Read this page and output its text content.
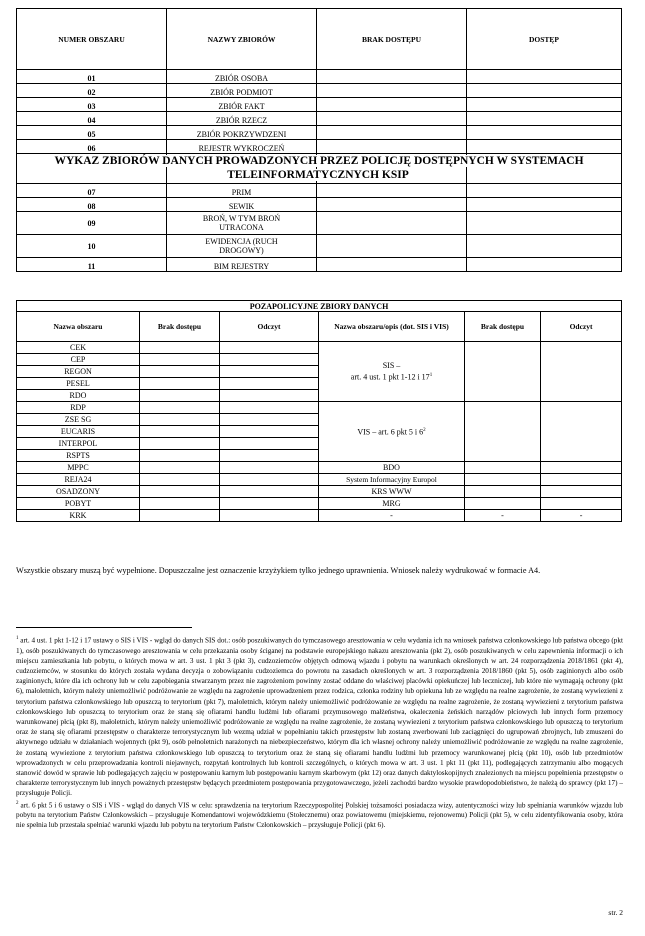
NUMER OBSZARU	NAZWY ZBIORÓW	BRAK DOSTĘPU	DOSTĘP
01	ZBIÓR OSOBA		
02	ZBIÓR PODMIOT		
03	ZBIÓR FAKT		
04	ZBIÓR RZECZ		
05	ZBIÓR POKRZYWDZENI		
06	REJESTR WYKROCZEŃ		

07	PRIM		
08	SEWIK		
09	BROŃ, W TYM BROŃ UTRACONA		
10	EWIDENCJA (RUCH DROGOWY)		
11	BIM REJESTRY		
WYKAZ ZBIORÓW DANYCH PROWADZONYCH PRZEZ POLICJĘ DOSTĘPNYCH W SYSTEMACH TELEINFORMATYCZNYCH KSIP
POZAPOLICYJNE ZBIORY DANYCH					
Nazwa obszaru	Brak dostępu	Odczyt	Nazwa obszaru/opis (dot. SIS i VIS)	Brak dostępu	Odczyt
CEK			SIS –
art. 4 ust. 1 pkt 1-12 i $17^1$

CEP					
REGON					
PESEL					
RDO					
RDP			VIS – art. 6 pkt 5 i $6^2$		
ZSE SG					
EUCARIS					
INTERPOL					
RSPTS					
MPPC			BDO		
REJA24			System Informacyjny Europol		
OSADZONY			KRS WWW		
POBYT			MRG		
KRK			-	-	-
Wszystkie obszary muszą być wypełnione. Dopuszczalne jest oznaczenie krzyżykiem tylko jednego uprawnienia. Wniosek należy wydrukować w formacie A4.

$^1$ art. 4 ust. 1 pkt 1-12 i 17 ustawy o SIS i VIS - wgląd do danych SIS dot.: osób poszukiwanych do tymczasowego aresztowania w celu wydania ich na wniosek państwa członkowskiego lub państwa obcego (pkt 1), osób poszukiwanych do tymczasowego aresztowania w celu przekazania osoby ściganej na podstawie europejskiego nakazu aresztowania (pkt 2), osób poszukiwanych w celu zapewnienia informacji o ich miejscu zamieszkania lub pobytu, o których mowa w art. 3 ust. 1 pkt 3 (pkt 3), cudzoziemców objętych odmową wjazdu i pobytu na warunkach określonych w art. 24 rozporządzenia 2018/1861 (pkt 4), cudzoziemców, w stosunku do których została wydana decyzja o zobowiązaniu cudzoziemca do powrotu na zasadach określonych w art. 3 rozporządzenia 2018/1860 (pkt 5), osób zaginionych albo osób zaginionych, które dla ich ochrony lub w celu zapobiegania stwarzanym przez nie zagrożeniom powinny zostać oddane do właściwej placówki opiekuńczej lub leczniczej, lub które nie wymagają ochrony (pkt 6), małoletnich, którym należy uniemożliwić podróżowanie ze względu na zagrożenie uprowadzeniem przez rodzica, członka rodziny lub opiekuna lub ze względu na realne zagrożenie, że zostaną wywiezieni z terytorium państwa członkowskiego lub opuszczą to terytorium (pkt 7), małoletnich, którym należy uniemożliwić podróżowanie ze względu na realne zagrożenie, że zostaną wywiezieni z terytorium państwa członkowskiego lub opuszczą to terytorium oraz że staną się ofiarami handlu ludźmi lub ofiarami przymusowego małżeństwa, okaleczenia żeńskich narządów płciowych lub innych form przemocy warunkowanej płcią (pkt 8), małoletnich, którym należy uniemożliwić podróżowanie ze względu na realne zagrożenie, że zostaną wywiezieni z terytorium państwa członkowskiego lub opuszczą to terytorium oraz że staną się ofiarami przestępstw o charakterze terrorystycznym lub wezmą udział w popełnianiu takich przestępstw lub zostaną zwerbowani lub zaciągnięci do ugrupowań zbrojnych, lub zmuszeni do aktywnego udziału w działaniach wojennych (pkt 9), osób pełnoletnich narażonych na niebezpieczeństwo, którym dla ich własnej ochrony należy uniemożliwić podróżowanie ze względu na realne zagrożenie, że zostaną wywiezione z terytorium państwa członkowskiego lub opuszczą to terytorium oraz że staną się ofiarami handlu ludźmi lub przemocy warunkowanej płcią (pkt 10), osób lub przedmiotów wprowadzonych w celu przeprowadzania kontroli niejawnych, rozpytań kontrolnych lub kontroli szczególnych, o których mowa w art. 3 ust. 1 pkt 11 (pkt 11), podlegających zatrzymaniu albo mogących stanowić dowód w sprawie lub podlegających zajęciu w postępowaniu karnym lub postępowaniu karnym skarbowym (pkt 12) oraz danych daktyloskopijnych znalezionych na miejscu popełnienia przestępstw o charakterze terrorystycznym lub innych poważnych przestępstw będących przedmiotem postępowania przygotowawczego, jeżeli zachodzi bardzo wysokie prawdopodobieństwo, że należą do sprawcy (pkt 17) – przysługuje Policji.

$^2$ art. 6 pkt 5 i 6 ustawy o SIS i VIS - wgląd do danych VIS w celu: sprawdzenia na terytorium Rzeczypospolitej Polskiej tożsamości posiadacza wizy, autentyczności wizy lub spełniania warunków wjazdu lub pobytu na terytorium Państw Członkowskich – przysługuje Komendantowi wojewódzkiemu (Stołecznemu) oraz powiatowemu (miejskiemu, rejonowemu) Policji (pkt 5), w celu zidentyfikowania osoby, która nie spełnia lub przestała spełniać warunki wjazdu lub pobytu na terytorium Państw Członkowskich – przysługuje Policji (pkt 6).

str. 2
